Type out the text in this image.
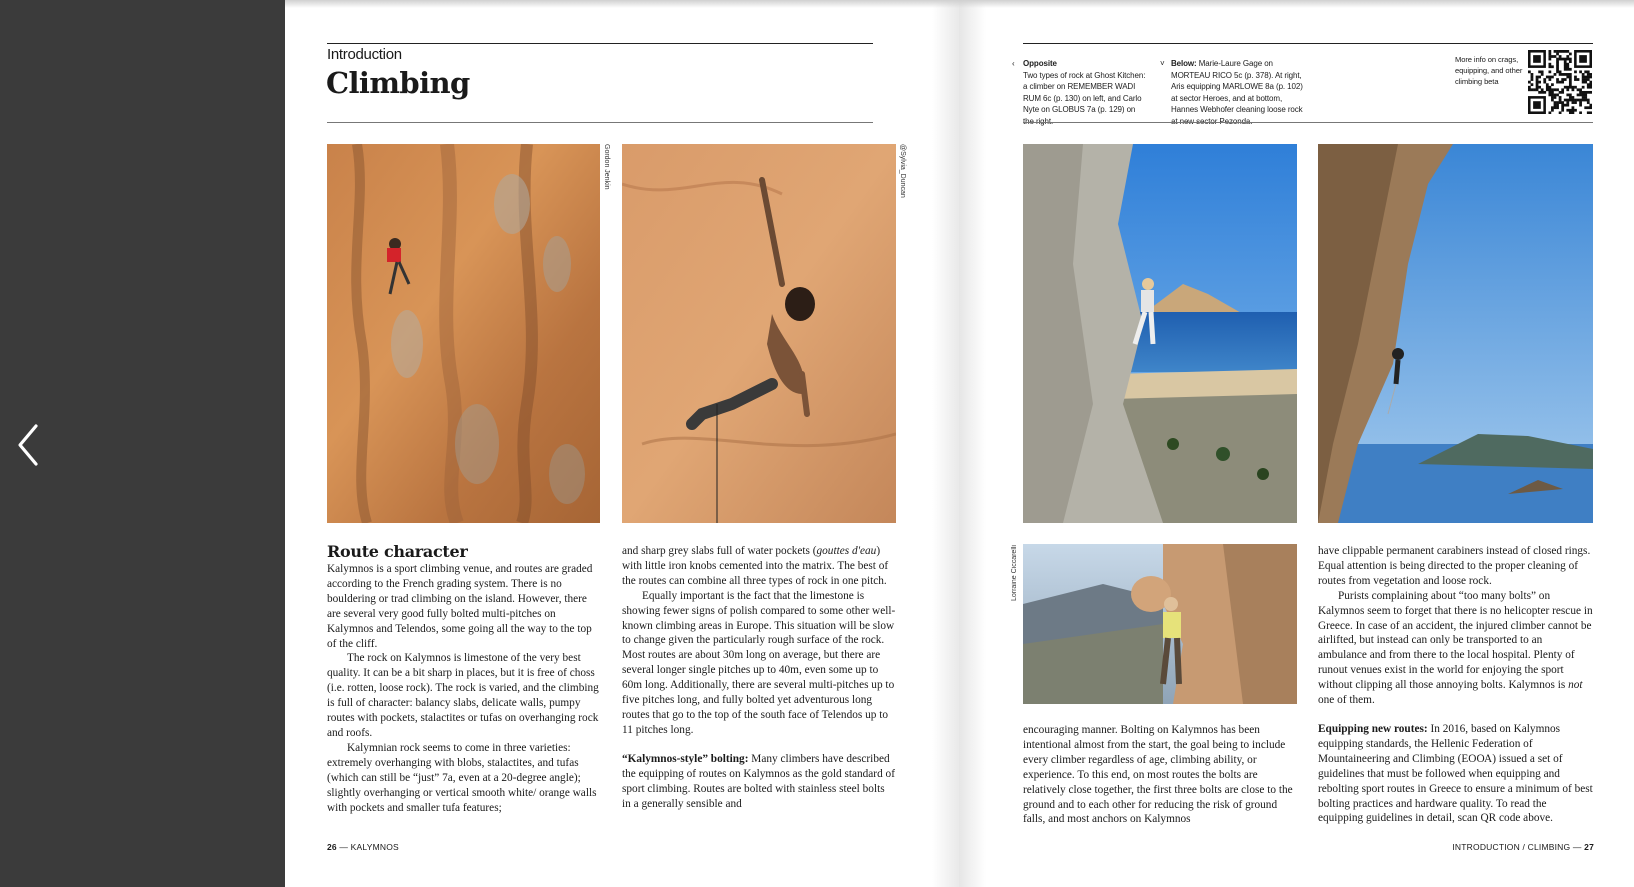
Introduction
Climbing
Gordon Jenkin	@Sylvia_Duncan
Route character

Kalymnos is a sport climbing venue, and routes are graded according to the French grading system. There is no bouldering or trad climbing on the island. However, there are several very good fully bolted multi-pitches on Kalymnos and Telendos, some going all the way to the top of the cliff.

The rock on Kalymnos is limestone of the very best quality. It can be a bit sharp in places, but it is free of choss (i.e. rotten, loose rock). The rock is varied, and the climbing is full of character: balancy slabs, delicate walls, pumpy routes with pockets, stalactites or tufas on overhanging rock and roofs.

Kalymnian rock seems to come in three varieties: extremely overhanging with blobs, stalactites, and tufas (which can still be “just” 7a, even at a 20-degree angle); slightly overhanging or vertical smooth white/ orange walls with pockets and smaller tufa features;

and sharp grey slabs full of water pockets (gouttes d'eau) with little iron knobs cemented into the matrix. The best of the routes can combine all three types of rock in one pitch.

Equally important is the fact that the limestone is showing fewer signs of polish compared to some other well-known climbing areas in Europe. This situation will be slow to change given the particularly rough surface of the rock. Most routes are about 30m long on average, but there are several longer single pitches up to 40m, even some up to 60m long. Additionally, there are several multi-pitches up to five pitches long, and fully bolted yet adventurous long routes that go to the top of the south face of Telendos up to 11 pitches long.

“Kalymnos-style” bolting: Many climbers have described the equipping of routes on Kalymnos as the gold standard of sport climbing. Routes are bolted with stainless steel bolts in a generally sensible and

26 — KALYMNOS
‹ Opposite
Two types of rock at Ghost Kitchen: a climber on REMEMBER WADI RUM 6c (p. 130) on left, and Carlo Nyte on GLOBUS 7a (p. 129) on the right.
˅ Below: Marie-Laure Gage on MORTEAU RICO 5c (p. 378). At right, Aris equipping MARLOWE 8a (p. 102) at sector Heroes, and at bottom, Hannes Webhofer cleaning loose rock at new sector Pezonda.
More info on crags, equipping, and other climbing beta
Lorraine Ciccarelli

encouraging manner. Bolting on Kalymnos has been intentional almost from the start, the goal being to include every climber regardless of age, climbing ability, or experience. To this end, on most routes the bolts are relatively close together, the first three bolts are close to the ground and to each other for reducing the risk of ground falls, and most anchors on Kalymnos

have clippable permanent carabiners instead of closed rings. Equal attention is being directed to the proper cleaning of routes from vegetation and loose rock.

Purists complaining about “too many bolts” on Kalymnos seem to forget that there is no helicopter rescue in Greece. In case of an accident, the injured climber cannot be airlifted, but instead can only be transported to an ambulance and from there to the local hospital. Plenty of runout venues exist in the world for enjoying the sport without clipping all those annoying bolts. Kalymnos is not one of them.

Equipping new routes: In 2016, based on Kalymnos equipping standards, the Hellenic Federation of Mountaineering and Climbing (ΕΟΟΑ) issued a set of guidelines that must be followed when equipping and rebolting sport routes in Greece to ensure a minimum of best bolting practices and hardware quality. To read the equipping guidelines in detail, scan QR code above.

INTRODUCTION / CLIMBING — 27
